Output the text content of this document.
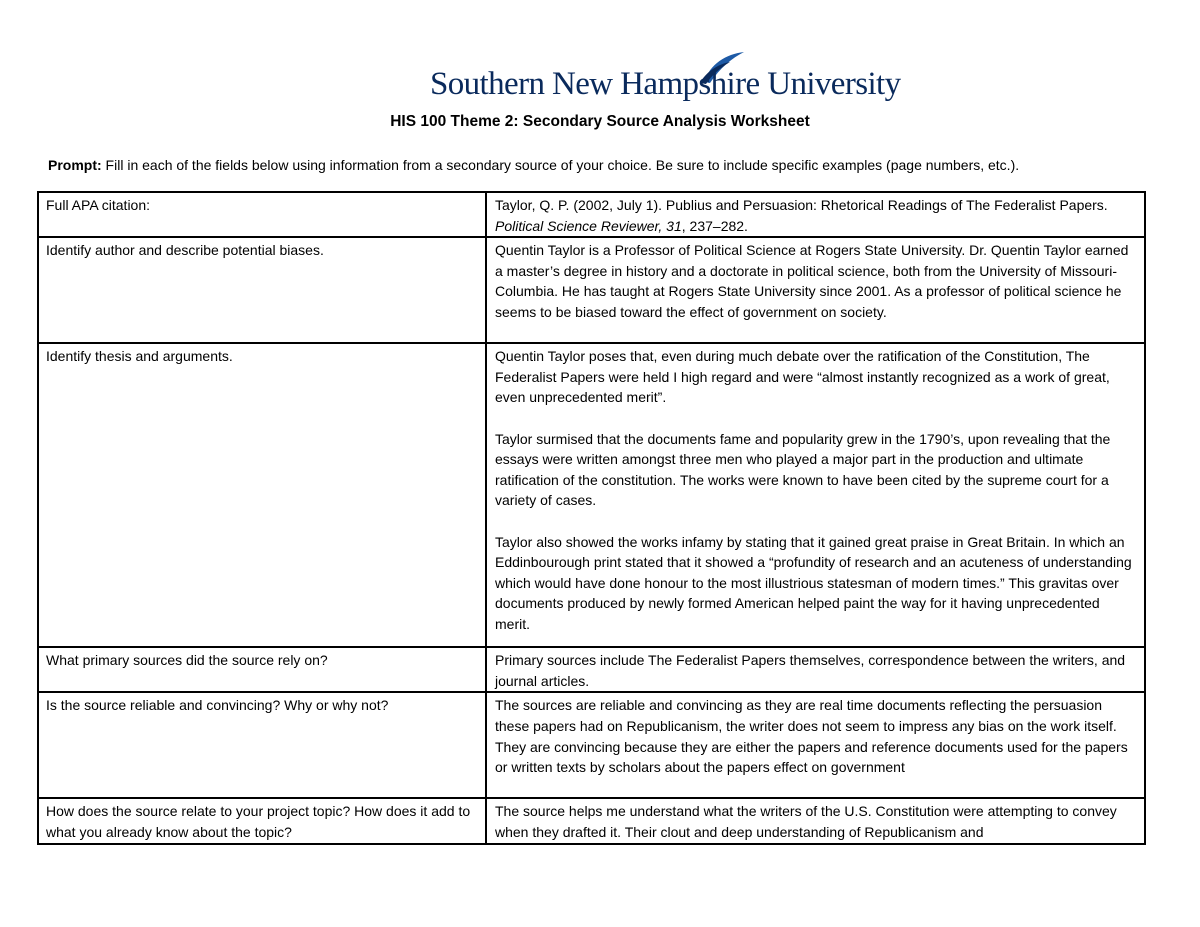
Southern New Hampshire University
HIS 100 Theme 2: Secondary Source Analysis Worksheet
Prompt: Fill in each of the fields below using information from a secondary source of your choice. Be sure to include specific examples (page numbers, etc.).
Full APA citation:	Taylor, Q. P. (2002, July 1). Publius and Persuasion: Rhetorical Readings of The Federalist Papers. Political Science Reviewer, 31, 237–282.
Identify author and describe potential biases.	Quentin Taylor is a Professor of Political Science at Rogers State University. Dr. Quentin Taylor earned a master’s degree in history and a doctorate in political science, both from the University of Missouri-Columbia. He has taught at Rogers State University since 2001. As a professor of political science he seems to be biased toward the effect of government on society.
Identify thesis and arguments.	Quentin Taylor poses that, even during much debate over the ratification of the Constitution, The Federalist Papers were held I high regard and were “almost instantly recognized as a work of great, even unprecedented merit”.

Taylor surmised that the documents fame and popularity grew in the 1790’s, upon revealing that the essays were written amongst three men who played a major part in the production and ultimate ratification of the constitution. The works were known to have been cited by the supreme court for a variety of cases.

Taylor also showed the works infamy by stating that it gained great praise in Great Britain. In which an Eddinbourough print stated that it showed a “profundity of research and an acuteness of understanding which would have done honour to the most illustrious statesman of modern times.” This gravitas over documents produced by newly formed American helped paint the way for it having unprecedented merit.

What primary sources did the source rely on?	Primary sources include The Federalist Papers themselves, correspondence between the writers, and journal articles.
Is the source reliable and convincing? Why or why not?	The sources are reliable and convincing as they are real time documents reflecting the persuasion these papers had on Republicanism, the writer does not seem to impress any bias on the work itself. They are convincing because they are either the papers and reference documents used for the papers or written texts by scholars about the papers effect on government
How does the source relate to your project topic? How does it add to what you already know about the topic?	The source helps me understand what the writers of the U.S. Constitution were attempting to convey when they drafted it. Their clout and deep understanding of Republicanism and
